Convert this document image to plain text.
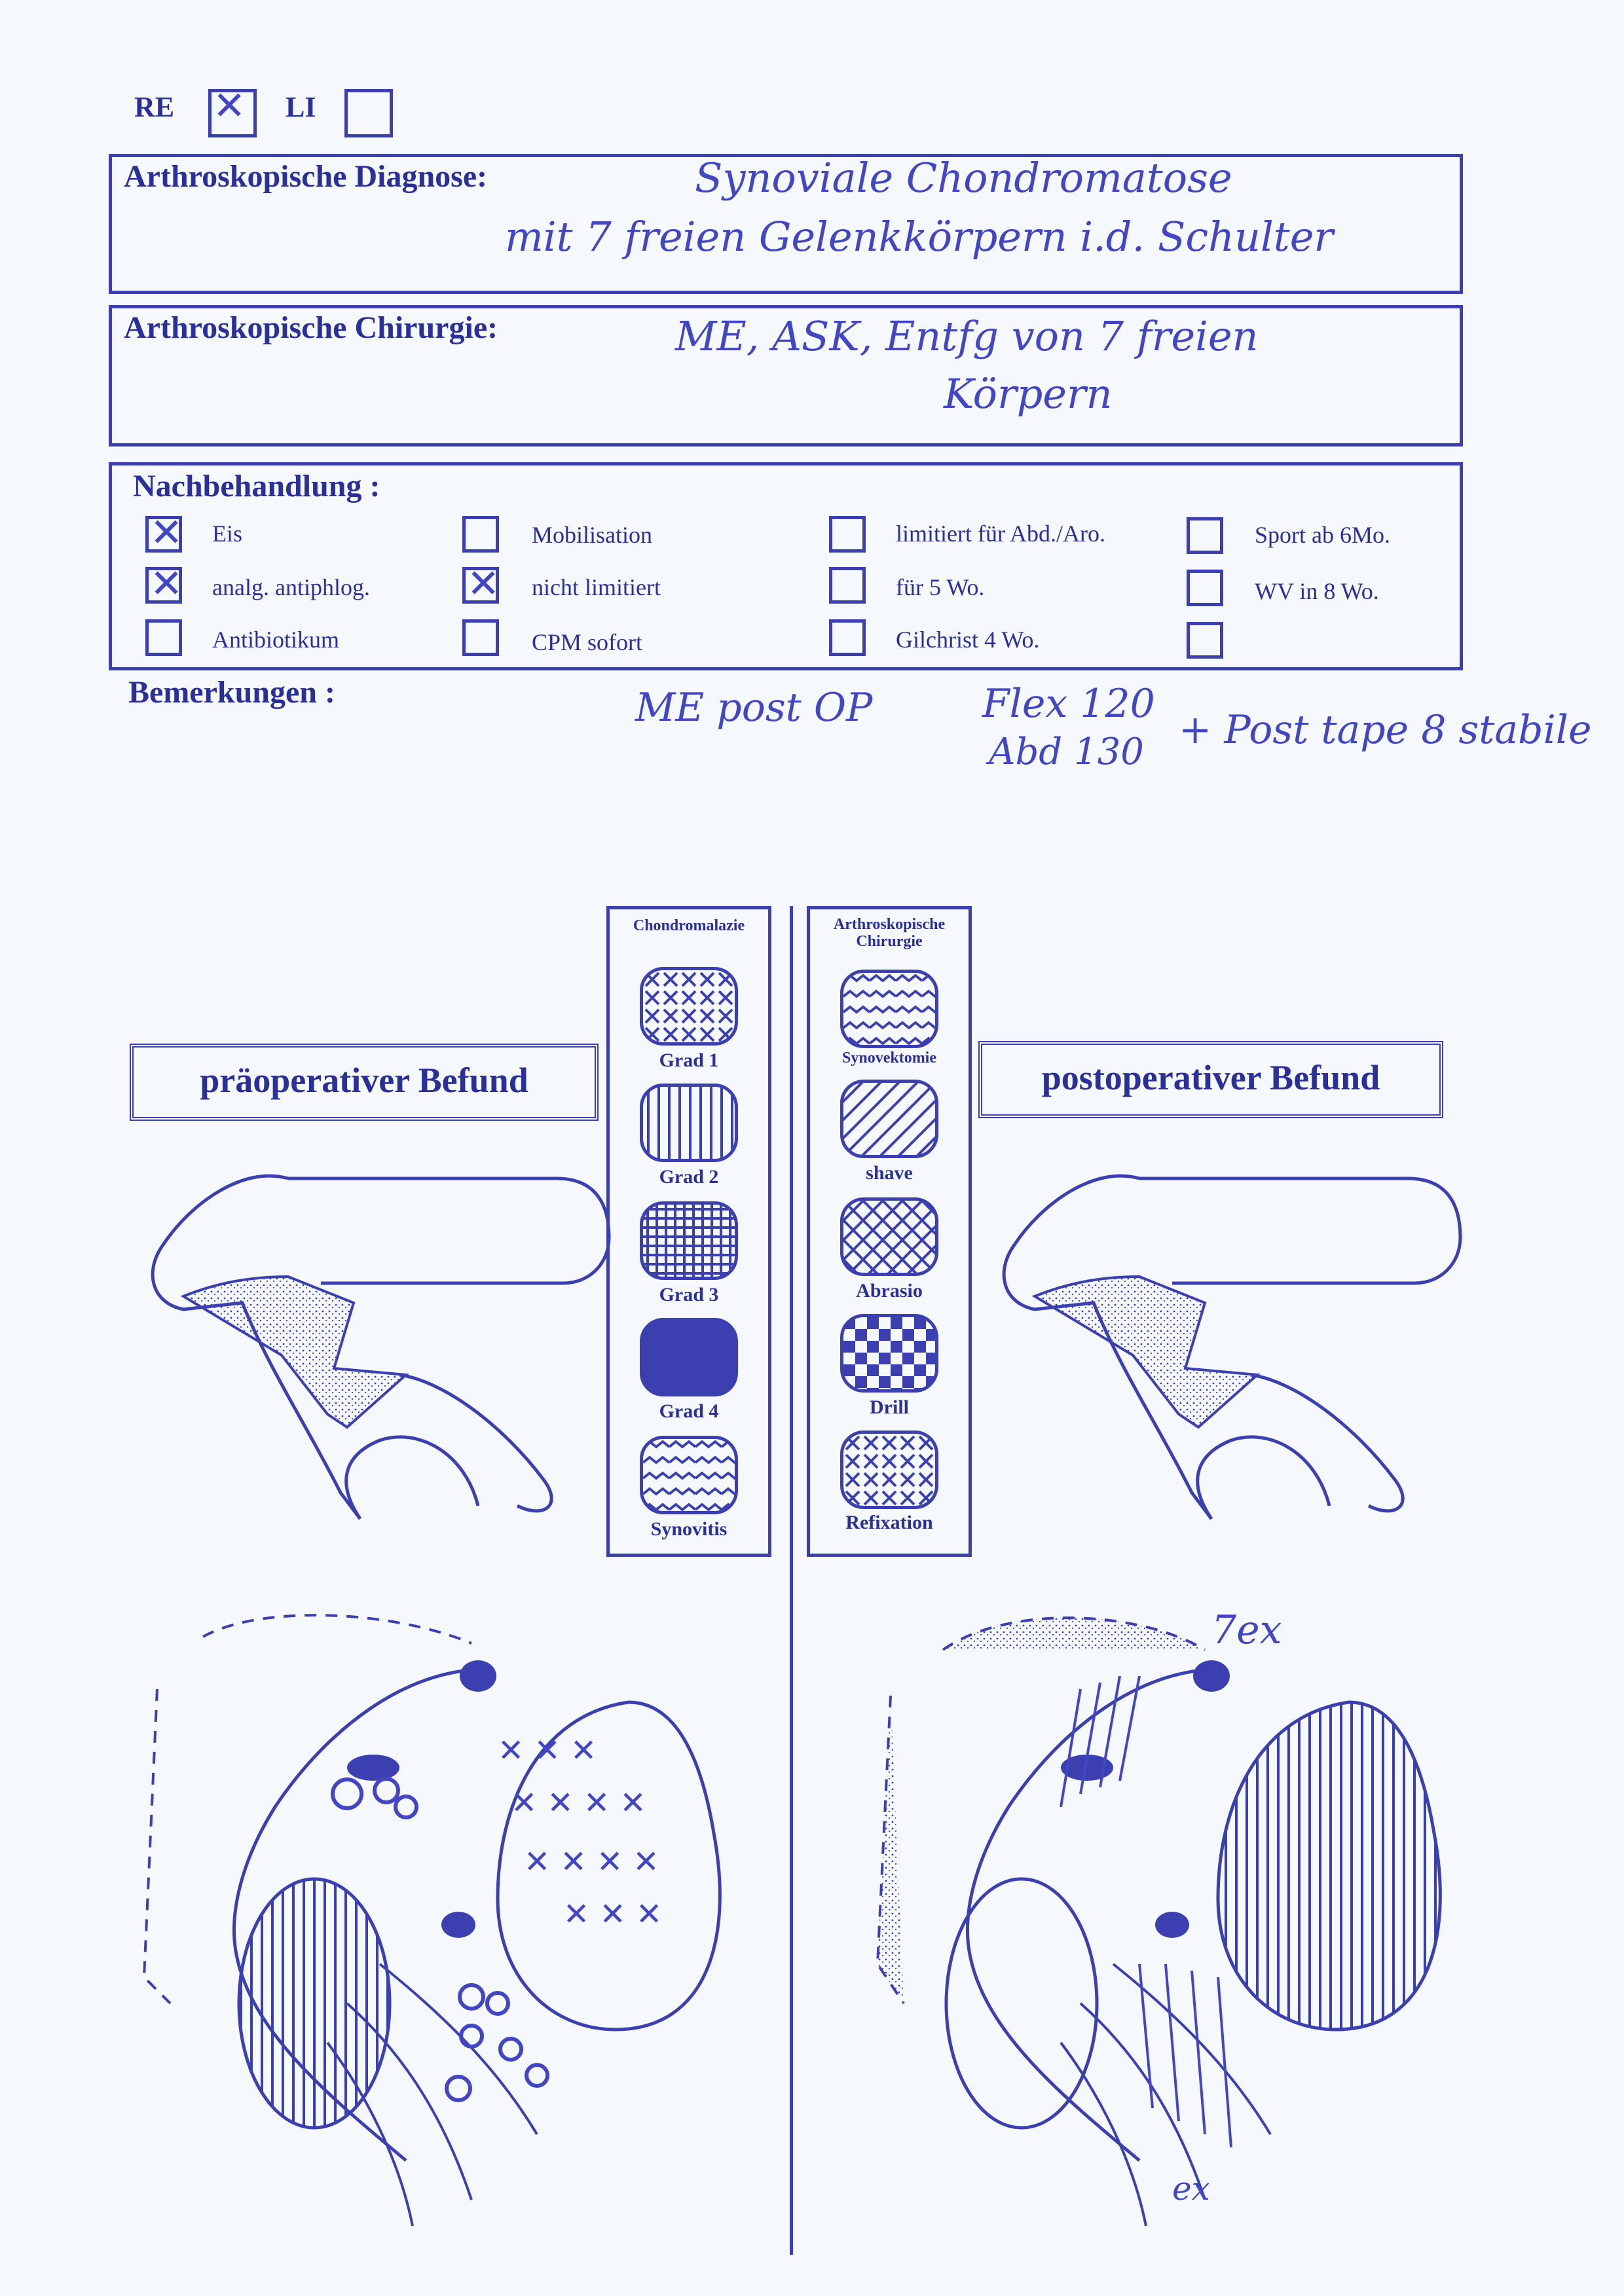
RE
✕	LI
Arthroskopische Diagnose:	Synoviale Chondromatose
mit 7 freien Gelenkkörpern i.d. Schulter
Arthroskopische Chirurgie:	ME, ASK, Entfg von 7 freien
Körpern
Nachbehandlung :
✕
Eis
✕
analg. antiphlog.
Antibiotikum
Mobilisation
✕
nicht limitiert
CPM sofort
limitiert für Abd./Aro.
für 5 Wo.
Gilchrist 4 Wo.
Sport ab 6Mo.
WV in 8 Wo.
Bemerkungen :	ME post OP	Flex 120
Abd 130 + Post tape 8 stabile
präoperativer Befund	postoperativer Befund
Chondromalazie
Grad 1
Grad 2
Grad 3
Grad 4
Synovitis
Arthroskopische Chirurgie
Synovektomie
shave
Abrasio
Drill
Refixation
✕ ✕ ✕
✕ ✕ ✕ ✕
✕ ✕ ✕ ✕
✕ ✕ ✕
7ex
ex
